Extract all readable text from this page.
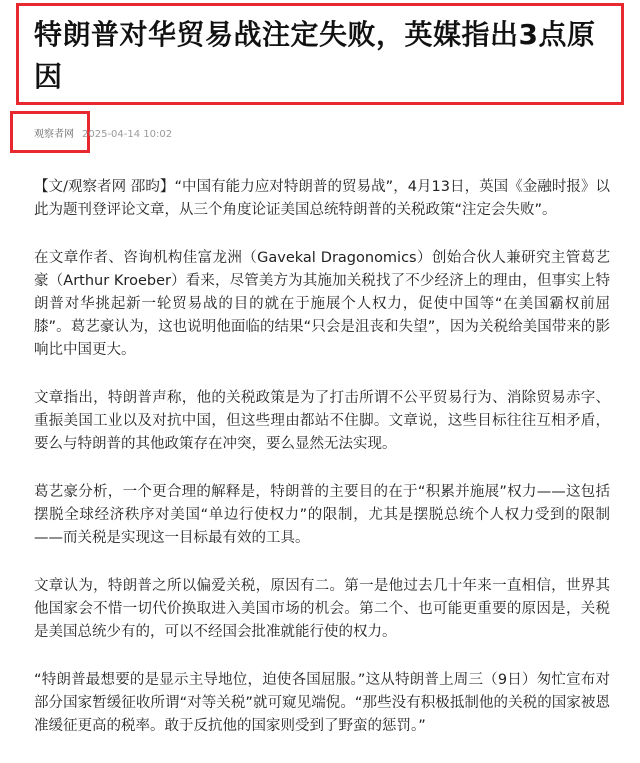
特朗普对华贸易战注定失败，英媒指出3点原因
观察者网 2025-04-14 10:02

【文/观察者网 邵昀】“中国有能力应对特朗普的贸易战”，4月13日，英国《金融时报》以此为题刊登评论文章，从三个角度论证美国总统特朗普的关税政策“注定会失败”。

在文章作者、咨询机构佳富龙洲（Gavekal Dragonomics）创始合伙人兼研究主管葛艺豪（Arthur Kroeber）看来，尽管美方为其施加关税找了不少经济上的理由，但事实上特朗普对华挑起新一轮贸易战的目的就在于施展个人权力，促使中国等“在美国霸权前屈膝”。葛艺豪认为，这也说明他面临的结果“只会是沮丧和失望”，因为关税给美国带来的影响比中国更大。

文章指出，特朗普声称，他的关税政策是为了打击所谓不公平贸易行为、消除贸易赤字、重振美国工业以及对抗中国，但这些理由都站不住脚。文章说，这些目标往往互相矛盾，要么与特朗普的其他政策存在冲突，要么显然无法实现。

葛艺豪分析，一个更合理的解释是，特朗普的主要目的在于“积累并施展”权力——这包括摆脱全球经济秩序对美国“单边行使权力”的限制，尤其是摆脱总统个人权力受到的限制——而关税是实现这一目标最有效的工具。

文章认为，特朗普之所以偏爱关税，原因有二。第一是他过去几十年来一直相信，世界其他国家会不惜一切代价换取进入美国市场的机会。第二个、也可能更重要的原因是，关税是美国总统少有的，可以不经国会批准就能行使的权力。

“特朗普最想要的是显示主导地位，迫使各国屈服。”这从特朗普上周三（9日）匆忙宣布对部分国家暂缓征收所谓“对等关税”就可窥见端倪。“那些没有积极抵制他的关税的国家被恩准缓征更高的税率。敢于反抗他的国家则受到了野蛮的惩罚。”
